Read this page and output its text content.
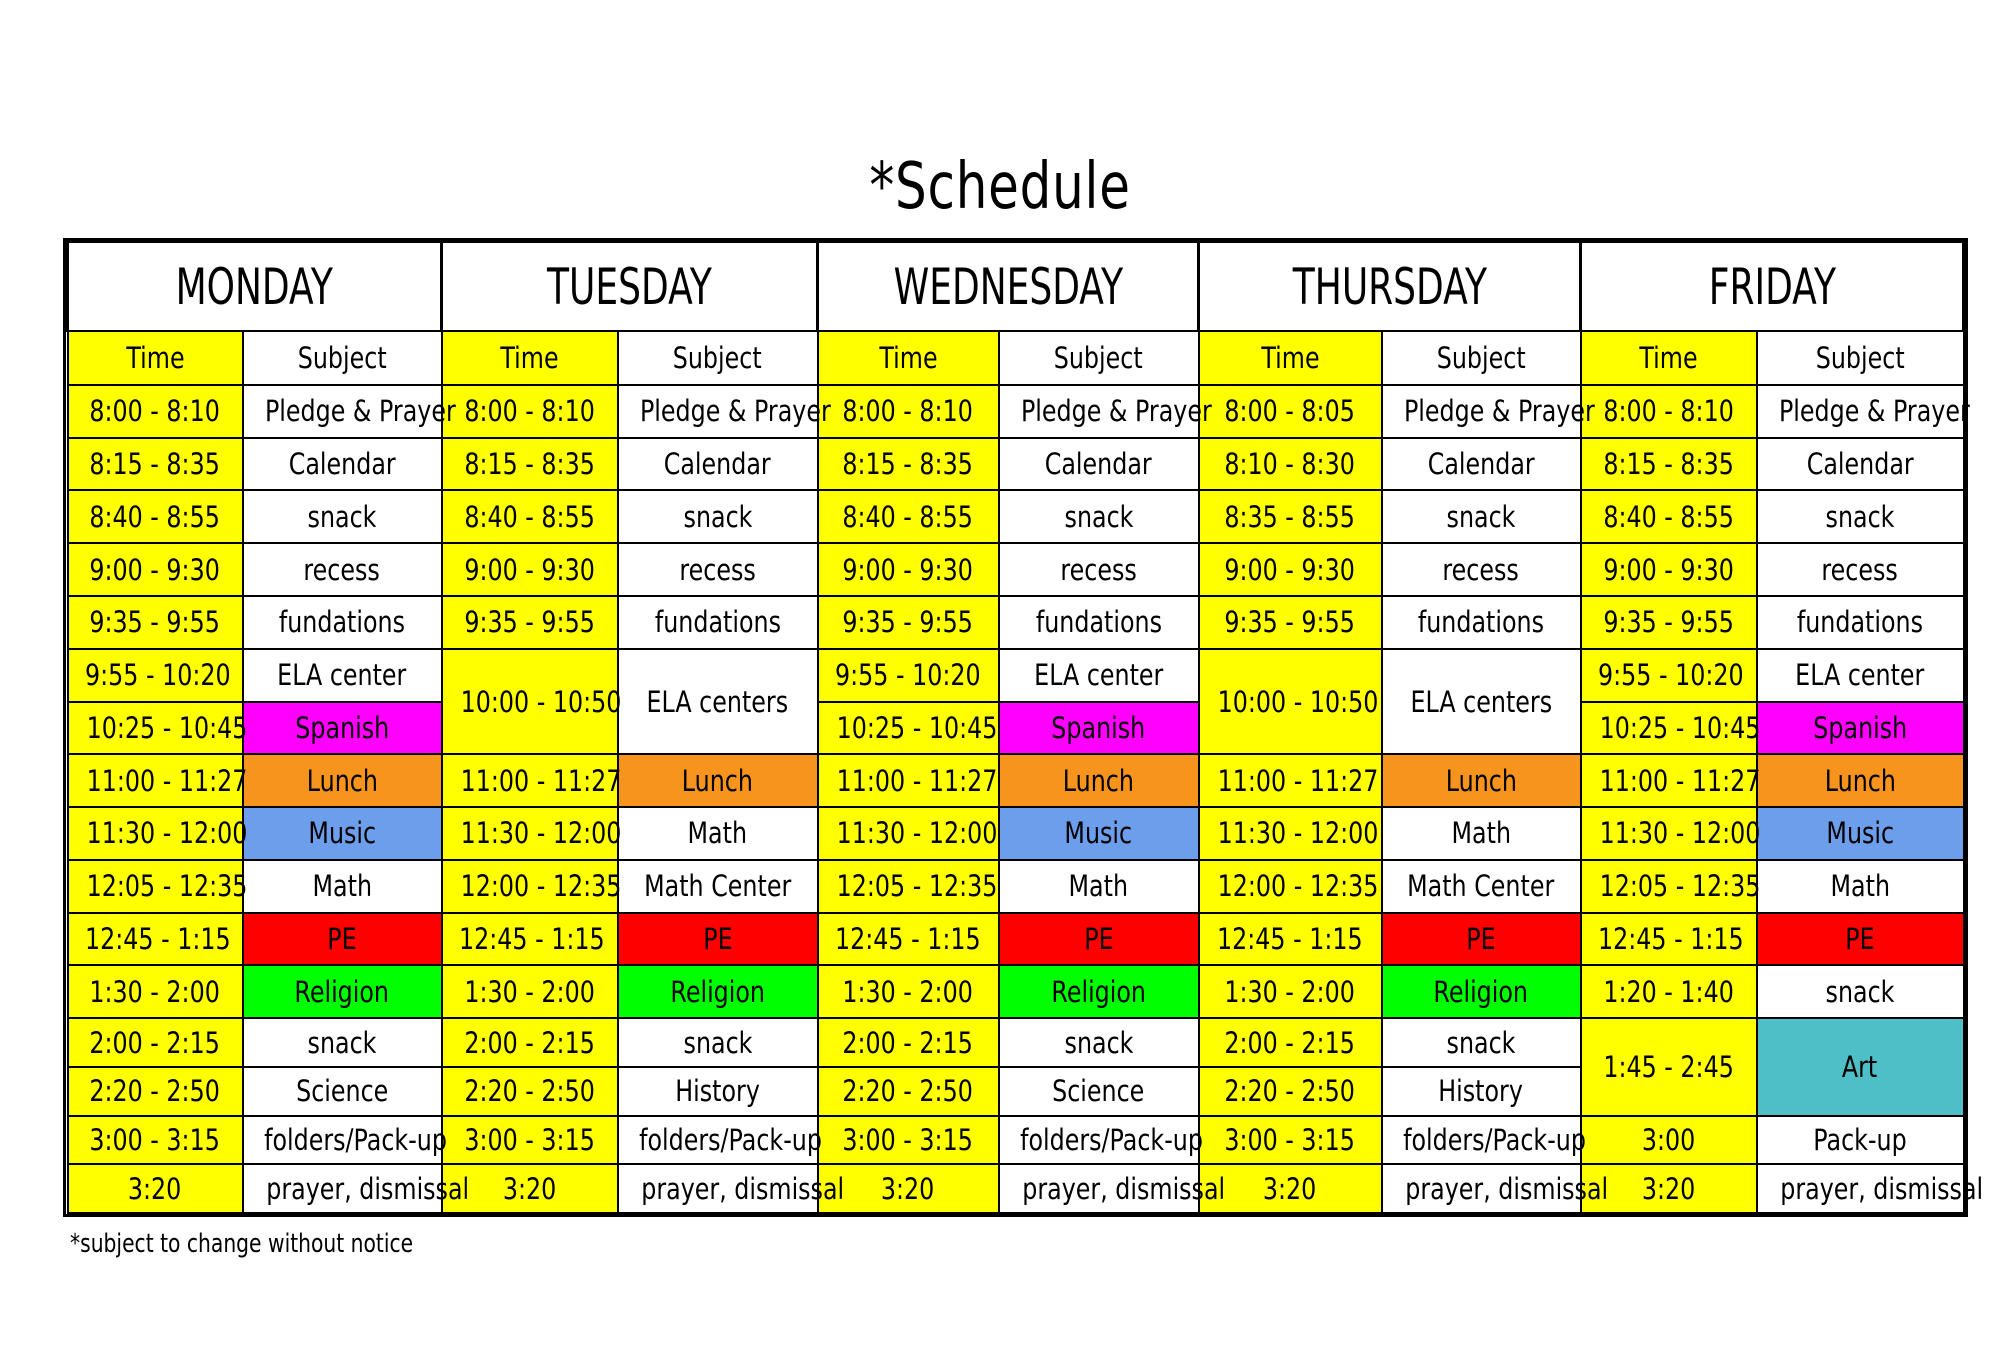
*Schedule
MONDAY		TUESDAY		WEDNESDAY		THURSDAY		FRIDAY	
Time	Subject	Time	Subject	Time	Subject	Time	Subject	Time	Subject
8:00 - 8:10	Pledge & Prayer	8:00 - 8:10	Pledge & Prayer	8:00 - 8:10	Pledge & Prayer	8:00 - 8:05	Pledge & Prayer	8:00 - 8:10	Pledge & Prayer
8:15 - 8:35	Calendar	8:15 - 8:35	Calendar	8:15 - 8:35	Calendar	8:10 - 8:30	Calendar	8:15 - 8:35	Calendar
8:40 - 8:55	snack	8:40 - 8:55	snack	8:40 - 8:55	snack	8:35 - 8:55	snack	8:40 - 8:55	snack
9:00 - 9:30	recess	9:00 - 9:30	recess	9:00 - 9:30	recess	9:00 - 9:30	recess	9:00 - 9:30	recess
9:35 - 9:55	fundations	9:35 - 9:55	fundations	9:35 - 9:55	fundations	9:35 - 9:55	fundations	9:35 - 9:55	fundations
9:55 - 10:20	ELA center	10:00 - 10:50	ELA centers	9:55 - 10:20	ELA center	10:00 - 10:50	ELA centers	9:55 - 10:20	ELA center
10:25 - 10:45	Spanish			10:25 - 10:45	Spanish			10:25 - 10:45	Spanish
11:00 - 11:27	Lunch	11:00 - 11:27	Lunch	11:00 - 11:27	Lunch	11:00 - 11:27	Lunch	11:00 - 11:27	Lunch
11:30 - 12:00	Music	11:30 - 12:00	Math	11:30 - 12:00	Music	11:30 - 12:00	Math	11:30 - 12:00	Music
12:05 - 12:35	Math	12:00 - 12:35	Math Center	12:05 - 12:35	Math	12:00 - 12:35	Math Center	12:05 - 12:35	Math
12:45 - 1:15	PE	12:45 - 1:15	PE	12:45 - 1:15	PE	12:45 - 1:15	PE	12:45 - 1:15	PE
1:30 - 2:00	Religion	1:30 - 2:00	Religion	1:30 - 2:00	Religion	1:30 - 2:00	Religion	1:20 - 1:40	snack
2:00 - 2:15	snack	2:00 - 2:15	snack	2:00 - 2:15	snack	2:00 - 2:15	snack	1:45 - 2:45	Art
2:20 - 2:50	Science	2:20 - 2:50	History	2:20 - 2:50	Science	2:20 - 2:50	History		
3:00 - 3:15	folders/Pack-up	3:00 - 3:15	folders/Pack-up	3:00 - 3:15	folders/Pack-up	3:00 - 3:15	folders/Pack-up	3:00	Pack-up
3:20	prayer, dismissal	3:20	prayer, dismissal	3:20	prayer, dismissal	3:20	prayer, dismissal	3:20	prayer, dismissal
*subject to change without notice
